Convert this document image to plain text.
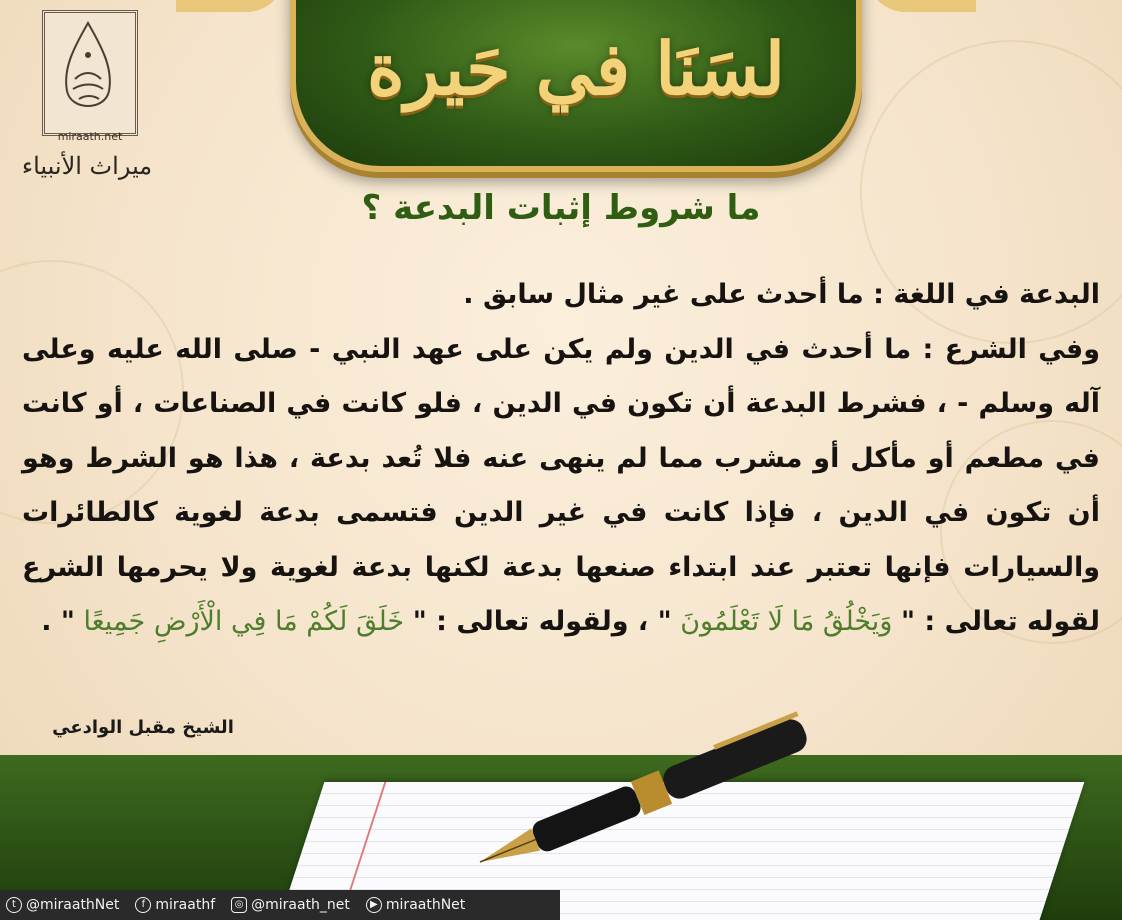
لسَنَا في حَيرة
miraath.net
ميراث الأنبياء
ما شروط إثبات البدعة ؟
البدعة في اللغة : ما أحدث على غير مثال سابق .
وفي الشرع : ما أحدث في الدين ولم يكن على عهد النبي - صلى الله عليه وعلى آله وسلم - ، فشرط البدعة أن تكون في الدين ، فلو كانت في الصناعات ، أو كانت في مطعم أو مأكل أو مشرب مما لم ينهى عنه فلا تُعد بدعة ، هذا هو الشرط وهو أن تكون في الدين ، فإذا كانت في غير الدين فتسمى بدعة لغوية كالطائرات والسيارات فإنها تعتبر عند ابتداء صنعها بدعة لكنها بدعة لغوية ولا يحرمها الشرع لقوله تعالى : " وَيَخْلُقُ مَا لَا تَعْلَمُونَ " ، ولقوله تعالى : " خَلَقَ لَكُمْ مَا فِي الْأَرْضِ جَمِيعًا " .
الشيخ مقبل الوادعي
t @miraathNet	f miraathf	◎ @miraath_net	▶ miraathNet
